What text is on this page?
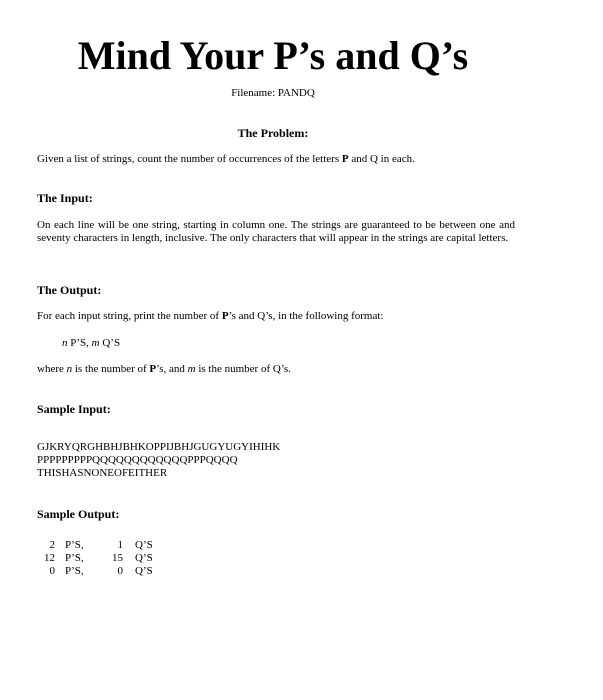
Mind Your P’s and Q’s
Filename: PANDQ
The Problem:
Given a list of strings, count the number of occurrences of the letters P and Q in each.
The Input:
On each line will be one string, starting in column one. The strings are guaranteed to be between one and seventy characters in length, inclusive. The only characters that will appear in the strings are capital letters.
The Output:
For each input string, print the number of P’s and Q’s, in the following format:
n P’S, m Q’S
where n is the number of P’s, and m is the number of Q’s.
Sample Input:
GJKRYQRGHBHJBHKOPPIJBHJGUGYUGYIHIHK
PPPPPPPPPQQQQQQQQQQQQPPPQQQQ
THISHASNONEOFEITHER
Sample Output:
2 P’S,	1	Q’S
12 P’S,	15	Q’S
0 P’S,	0	Q’S
